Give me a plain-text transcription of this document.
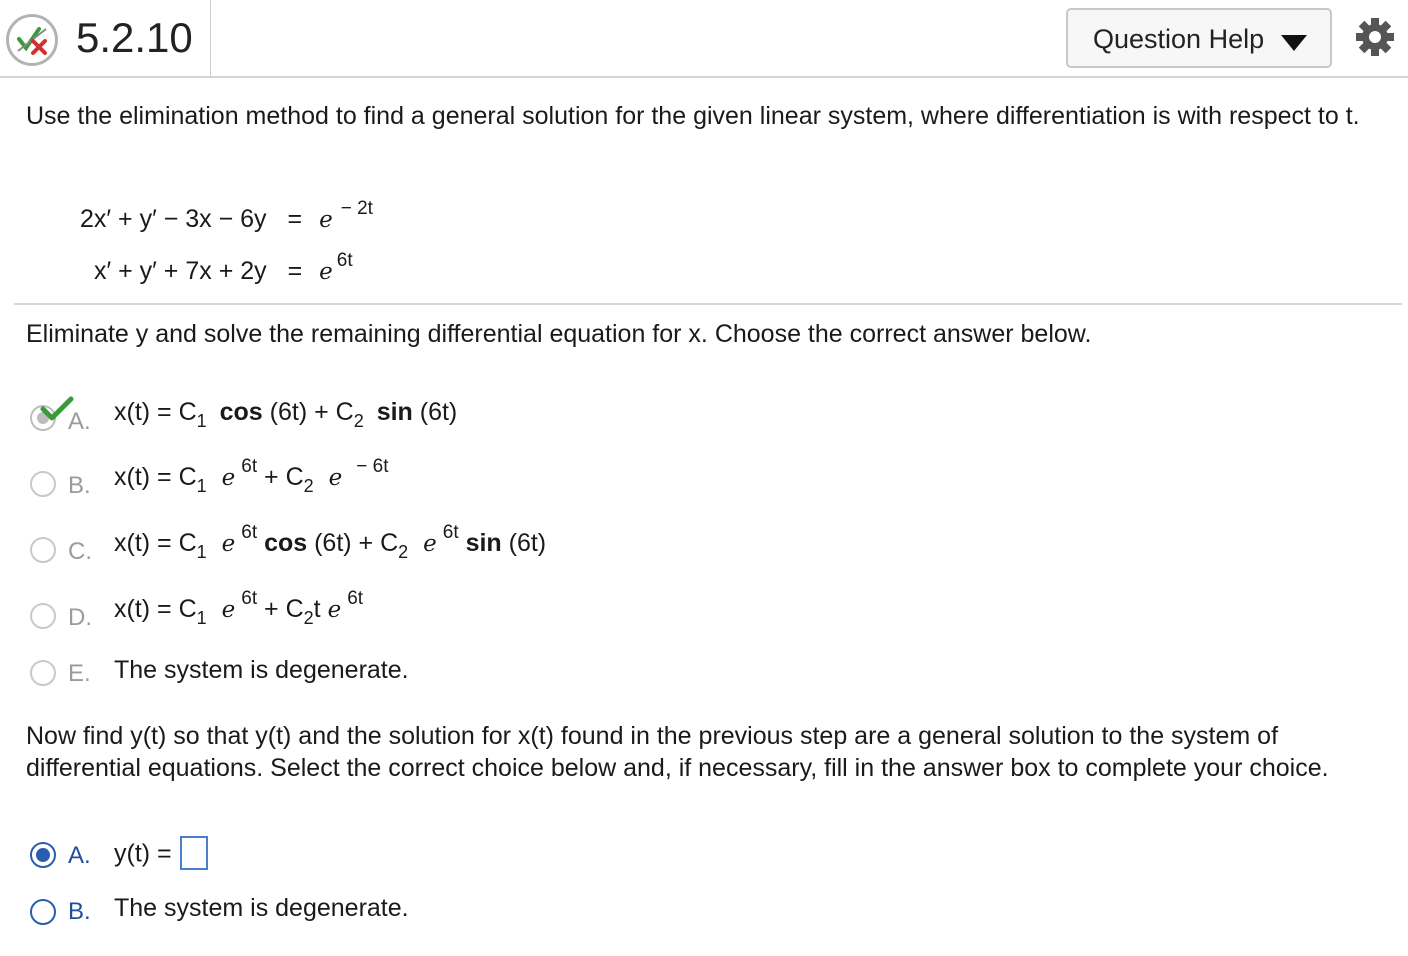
5.2.10	Question Help
Use the elimination method to find a general solution for the given linear system, where differentiation is with respect to t.
2x′ + y′ − 3x − 6y = e $^{- 2t}$
x′ + y′ + 7x + 2y = e $^{6t}$
Eliminate y and solve the remaining differential equation for x. Choose the correct answer below.
A. $x(t) = C_1$ $\cos (6t) + C_2$ sin (6t)
B. $x(t) = C_1$ e $^{6t} + C_2$ e $^{- 6t}$
C. $x(t) = C_1$ e $^{6t}$ $\cos (6t) + C_2$ e $^{6t}$ sin (6t)
D. $x(t) = C_1$ e $^{6t} + C_2t$ e $^{6t}$
E. The system is degenerate.
Now find y(t) so that y(t) and the solution for x(t) found in the previous step are a general solution to the system of differential equations. Select the correct choice below and, if necessary, fill in the answer box to complete your choice.
A. y(t) =
B. The system is degenerate.
